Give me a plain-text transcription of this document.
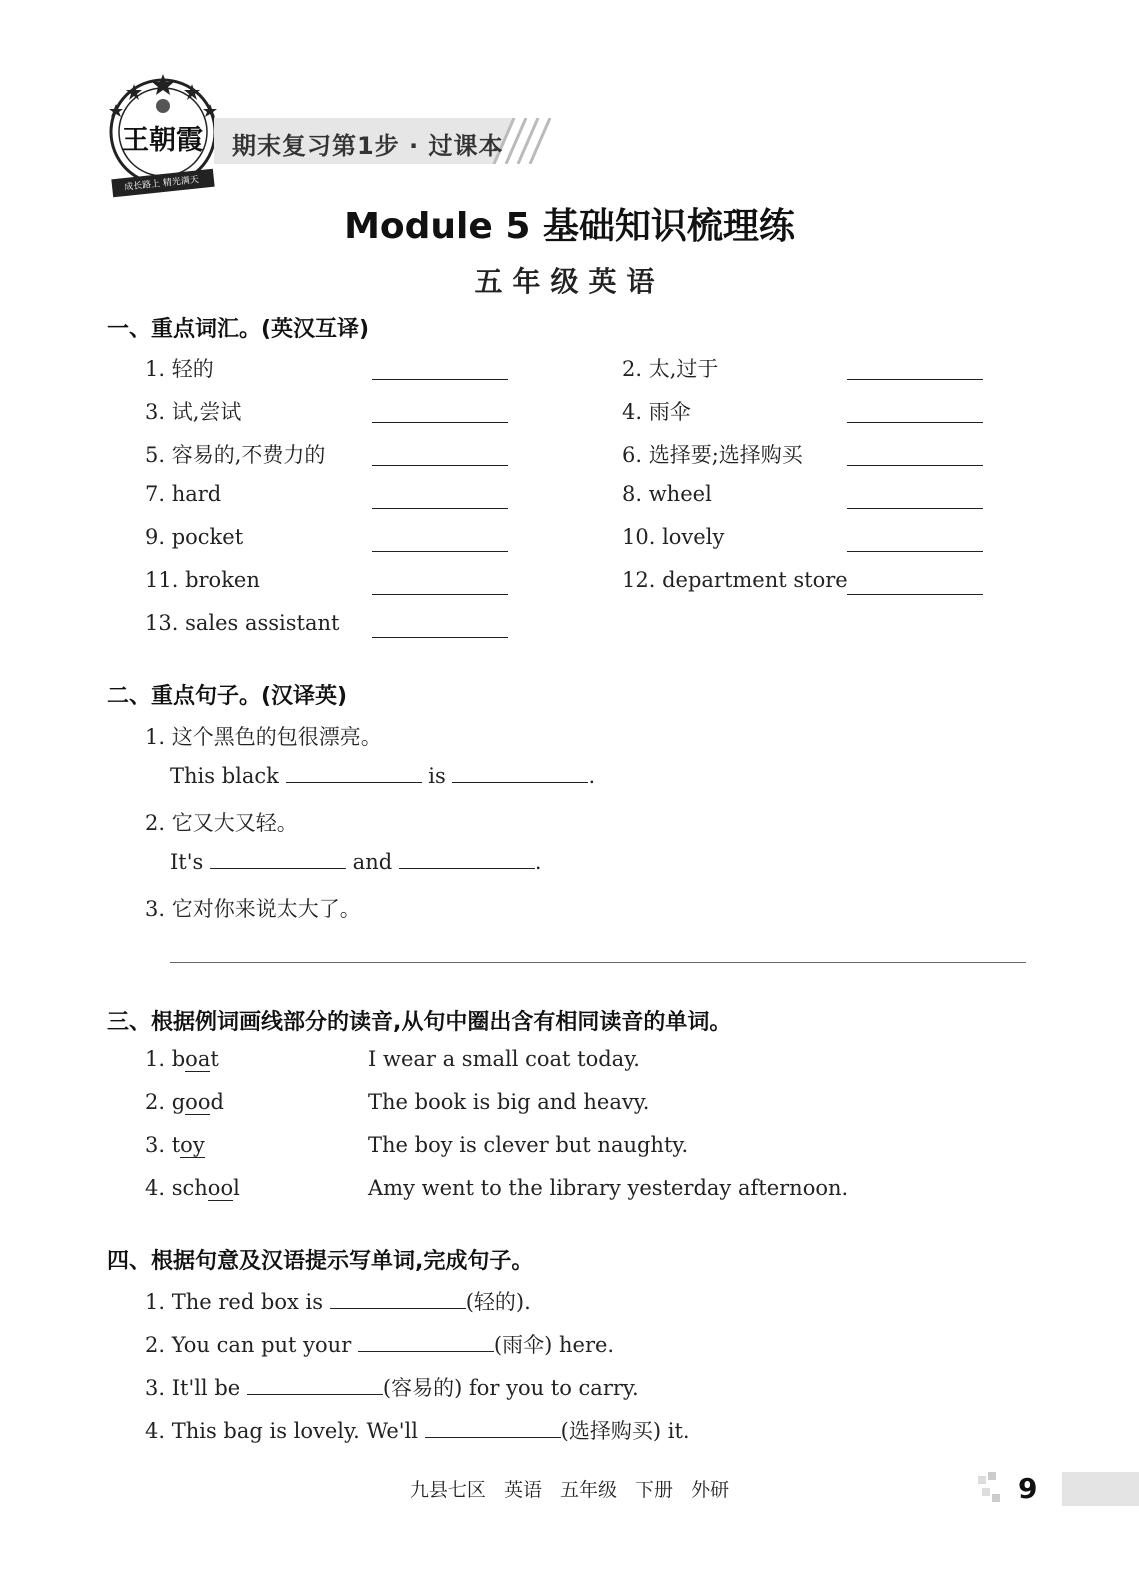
王朝霞
成长路上 精光满天
期末复习第1步 · 过课本
Module 5 基础知识梳理练
五年级英语
一、重点词汇。(英汉互译)
1. 轻的	2. 太,过于
3. 试,尝试	4. 雨伞
5. 容易的,不费力的	6. 选择要;选择购买
7. hard	8. wheel
9. pocket	10. lovely
11. broken	12. department store
13. sales assistant
二、重点句子。(汉译英)
1. 这个黑色的包很漂亮。
This black	is	.
2. 它又大又轻。
It's	and	.
3. 它对你来说太大了。
三、根据例词画线部分的读音,从句中圈出含有相同读音的单词。
1. boat	I wear a small coat today.
2. good	The book is big and heavy.
3. toy	The boy is clever but naughty.
4. school	Amy went to the library yesterday afternoon.
四、根据句意及汉语提示写单词,完成句子。
1. The red box is	(轻的).
2. You can put your	(雨伞) here.
3. It'll be	(容易的) for you to carry.
4. This bag is lovely. We'll	(选择购买) it.
九县七区 英语 五年级 下册 外研	9
